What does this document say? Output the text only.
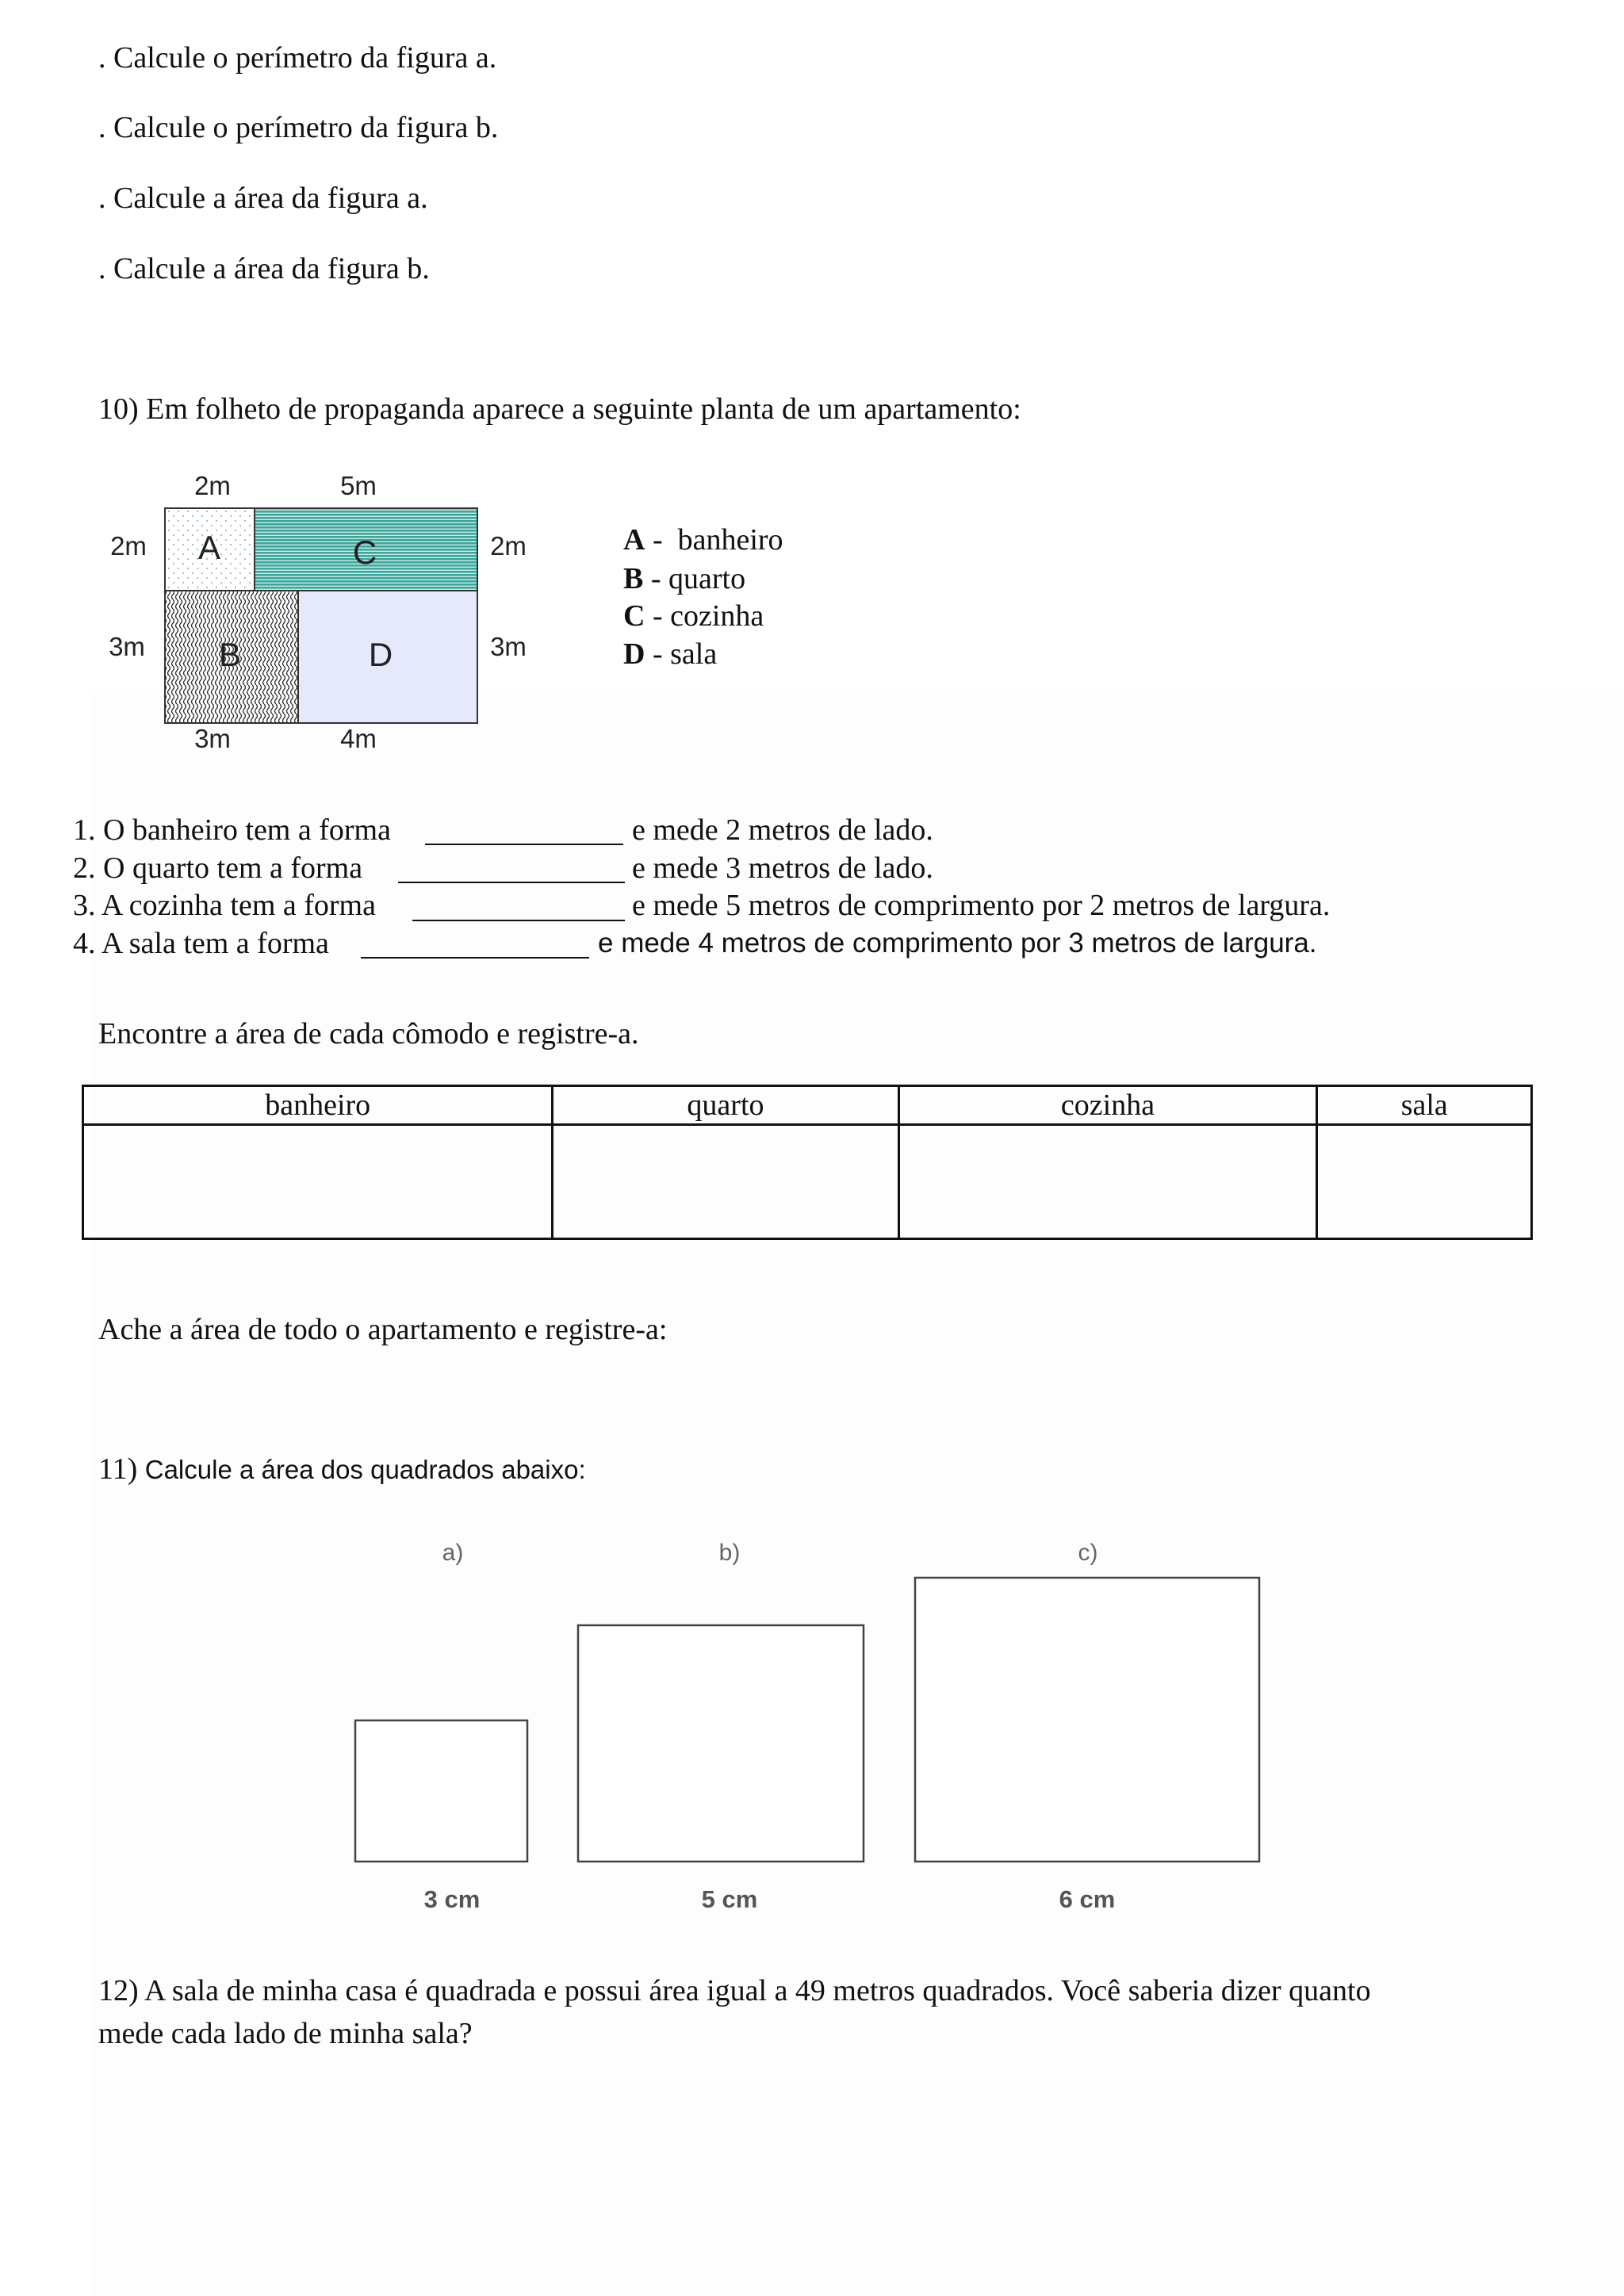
. Calcule o perímetro da figura a.
. Calcule o perímetro da figura b.
. Calcule a área da figura a.
. Calcule a área da figura b.
10) Em folheto de propaganda aparece a seguinte planta de um apartamento:
2m	5m
2m
3m
2m
3m
3m	4m
A	C
B	D
A -  banheiro
B - quarto
C - cozinha
D - sala
1. O banheiro tem a forma	e mede 2 metros de lado.
2. O quarto tem a forma	e mede 3 metros de lado.
3. A cozinha tem a forma	e mede 5 metros de comprimento por 2 metros de largura.
4. A sala tem a forma	e mede 4 metros de comprimento por 3 metros de largura.
Encontre a área de cada cômodo e registre-a.
banheiro	quarto	cozinha	sala

Ache a área de todo o apartamento e registre-a:
11) Calcule a área dos quadrados abaixo:
a)	b)	c)
3 cm	5 cm	6 cm
12) A sala de minha casa é quadrada e possui área igual a 49 metros quadrados. Você saberia dizer quanto
mede cada lado de minha sala?
